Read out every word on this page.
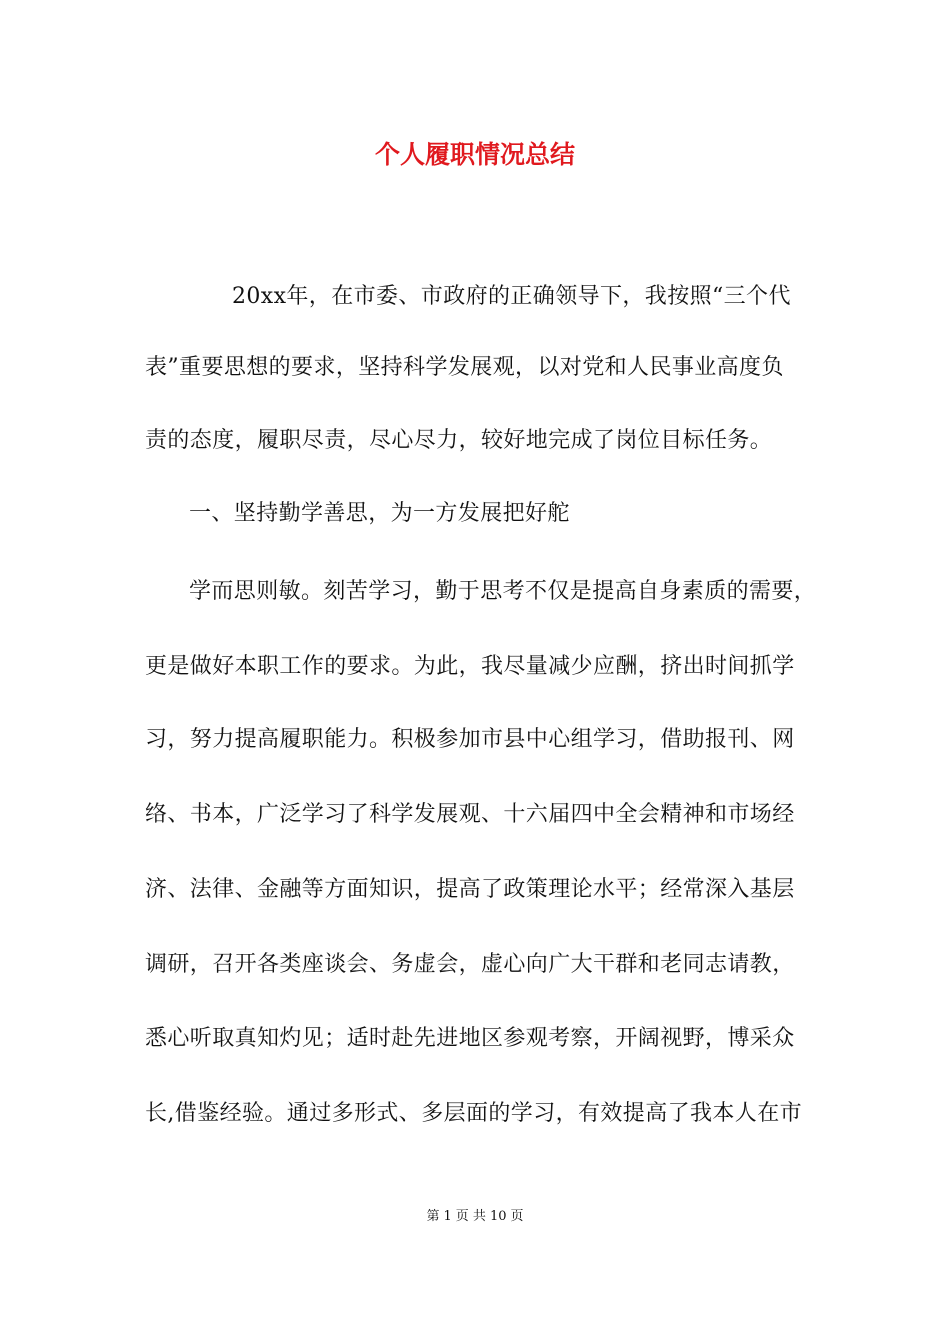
个人履职情况总结

20xx年，在市委、市政府的正确领导下，我按照“三个代

表”重要思想的要求，坚持科学发展观，以对党和人民事业高度负

责的态度，履职尽责，尽心尽力，较好地完成了岗位目标任务。

一、坚持勤学善思，为一方发展把好舵

学而思则敏。刻苦学习，勤于思考不仅是提高自身素质的需要，

更是做好本职工作的要求。为此，我尽量减少应酬，挤出时间抓学

习，努力提高履职能力。积极参加市县中心组学习，借助报刊、网

络、书本，广泛学习了科学发展观、十六届四中全会精神和市场经

济、法律、金融等方面知识，提高了政策理论水平；经常深入基层

调研，召开各类座谈会、务虚会，虚心向广大干群和老同志请教，

悉心听取真知灼见；适时赴先进地区参观考察，开阔视野，博采众

长,借鉴经验。通过多形式、多层面的学习，有效提高了我本人在市

第 1 页 共 10 页
